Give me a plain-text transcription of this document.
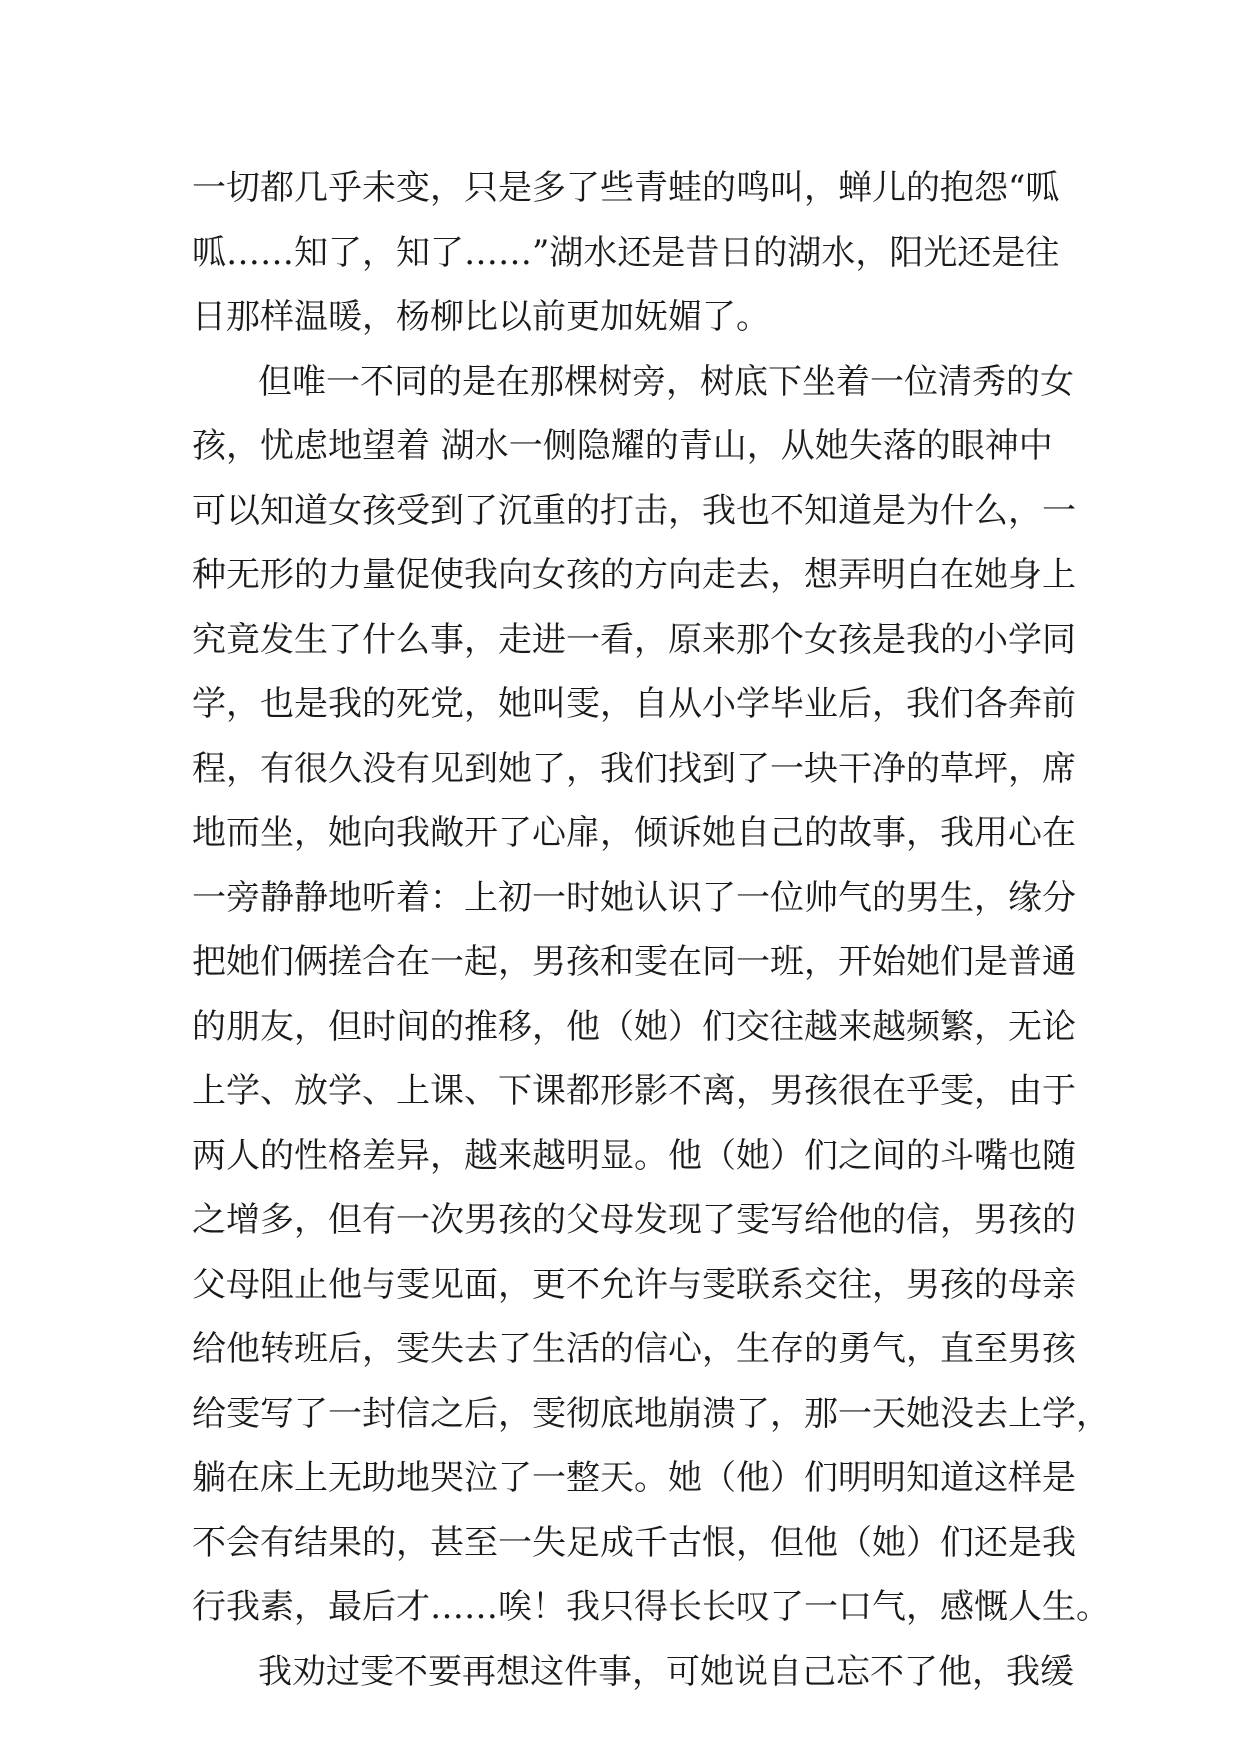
一切都几乎未变，只是多了些青蛙的鸣叫，蝉儿的抱怨“呱
呱……知了，知了……”湖水还是昔日的湖水，阳光还是往
日那样温暖，杨柳比以前更加妩媚了。
但唯一不同的是在那棵树旁，树底下坐着一位清秀的女
孩，忧虑地望着 湖水一侧隐耀的青山，从她失落的眼神中
可以知道女孩受到了沉重的打击，我也不知道是为什么，一
种无形的力量促使我向女孩的方向走去，想弄明白在她身上
究竟发生了什么事，走进一看，原来那个女孩是我的小学同
学，也是我的死党，她叫雯，自从小学毕业后，我们各奔前
程，有很久没有见到她了，我们找到了一块干净的草坪，席
地而坐，她向我敞开了心扉，倾诉她自己的故事，我用心在
一旁静静地听着：上初一时她认识了一位帅气的男生，缘分
把她们俩搓合在一起，男孩和雯在同一班，开始她们是普通
的朋友，但时间的推移，他（她）们交往越来越频繁，无论
上学、放学、上课、下课都形影不离，男孩很在乎雯，由于
两人的性格差异，越来越明显。他（她）们之间的斗嘴也随
之增多，但有一次男孩的父母发现了雯写给他的信，男孩的
父母阻止他与雯见面，更不允许与雯联系交往，男孩的母亲
给他转班后，雯失去了生活的信心，生存的勇气，直至男孩
给雯写了一封信之后，雯彻底地崩溃了，那一天她没去上学，
躺在床上无助地哭泣了一整天。她（他）们明明知道这样是
不会有结果的，甚至一失足成千古恨，但他（她）们还是我
行我素，最后才……唉！我只得长长叹了一口气，感慨人生。
我劝过雯不要再想这件事，可她说自己忘不了他，我缓
